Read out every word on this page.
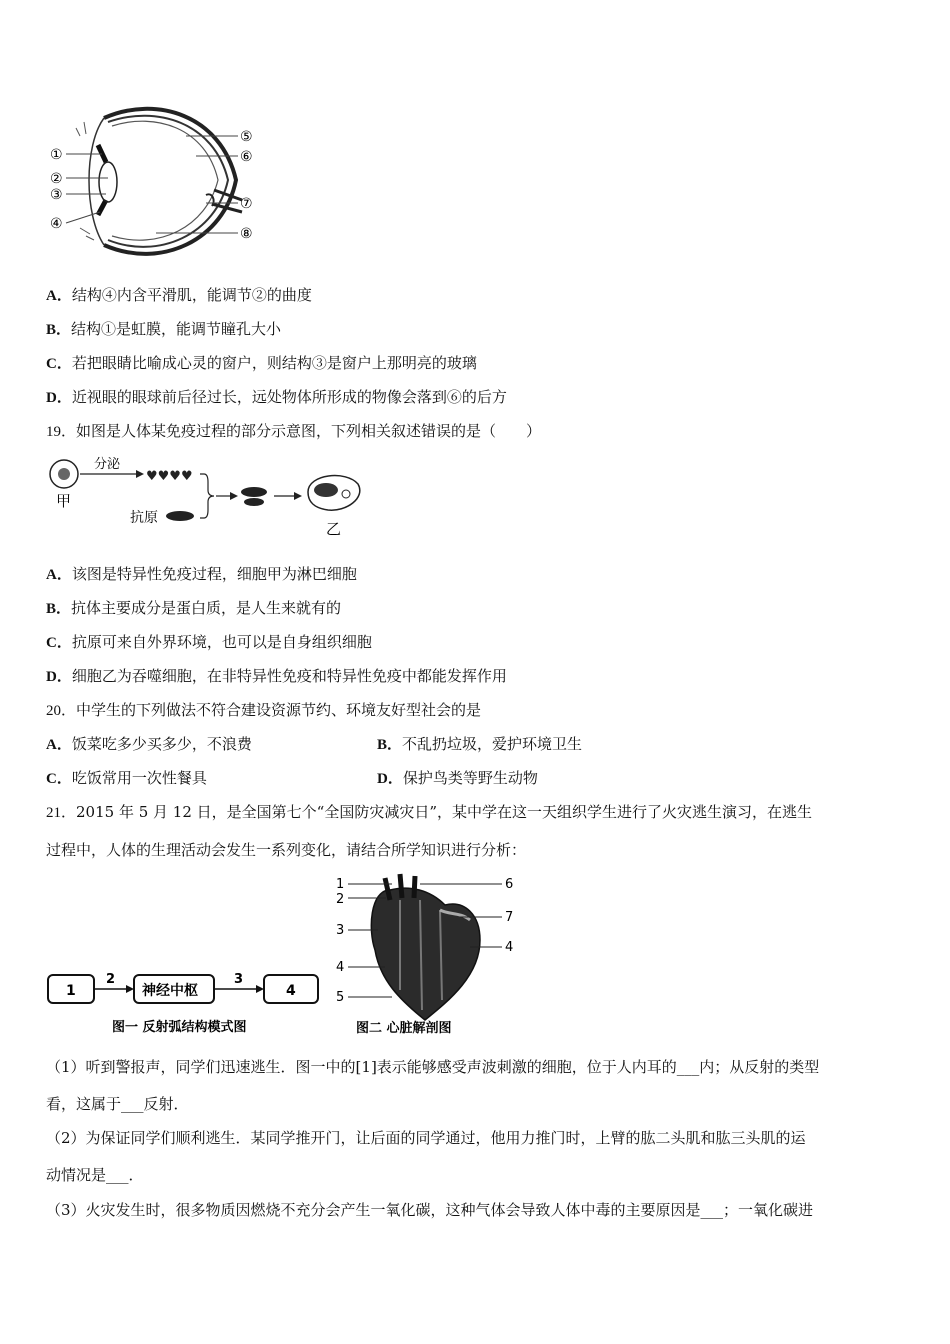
①
②
③
④
⑤
⑥
⑦
⑧
A．结构④内含平滑肌，能调节②的曲度
B．结构①是虹膜，能调节瞳孔大小
C．若把眼睛比喻成心灵的窗户，则结构③是窗户上那明亮的玻璃
D．近视眼的眼球前后径过长，远处物体所形成的物像会落到⑥的后方
19．如图是人体某免疫过程的部分示意图，下列相关叙述错误的是（　　）
甲
分泌
♥♥♥♥
抗原
乙
A．该图是特异性免疫过程，细胞甲为淋巴细胞
B．抗体主要成分是蛋白质，是人生来就有的
C．抗原可来自外界环境，也可以是自身组织细胞
D．细胞乙为吞噬细胞，在非特异性免疫和特异性免疫中都能发挥作用
20．中学生的下列做法不符合建设资源节约、环境友好型社会的是
A．饭菜吃多少买多少，不浪费	B．不乱扔垃圾，爱护环境卫生
C．吃饭常用一次性餐具	D．保护鸟类等野生动物
21．2015 年 5 月 12 日，是全国第七个“全国防灾减灾日”，某中学在这一天组织学生进行了火灾逃生演习，在逃生
过程中，人体的生理活动会发生一系列变化，请结合所学知识进行分析：
1
2
神经中枢
3
4
图一 反射弧结构模式图
1
2
3
4
5
6
7
4
图二 心脏解剖图
（1）听到警报声，同学们迅速逃生．图一中的[1]表示能够感受声波刺激的细胞，位于人内耳的___内；从反射的类型
看，这属于___反射．
（2）为保证同学们顺利逃生．某同学推开门，让后面的同学通过，他用力推门时，上臂的肱二头肌和肱三头肌的运
动情况是___．
（3）火灾发生时，很多物质因燃烧不充分会产生一氧化碳，这种气体会导致人体中毒的主要原因是___；一氧化碳进
